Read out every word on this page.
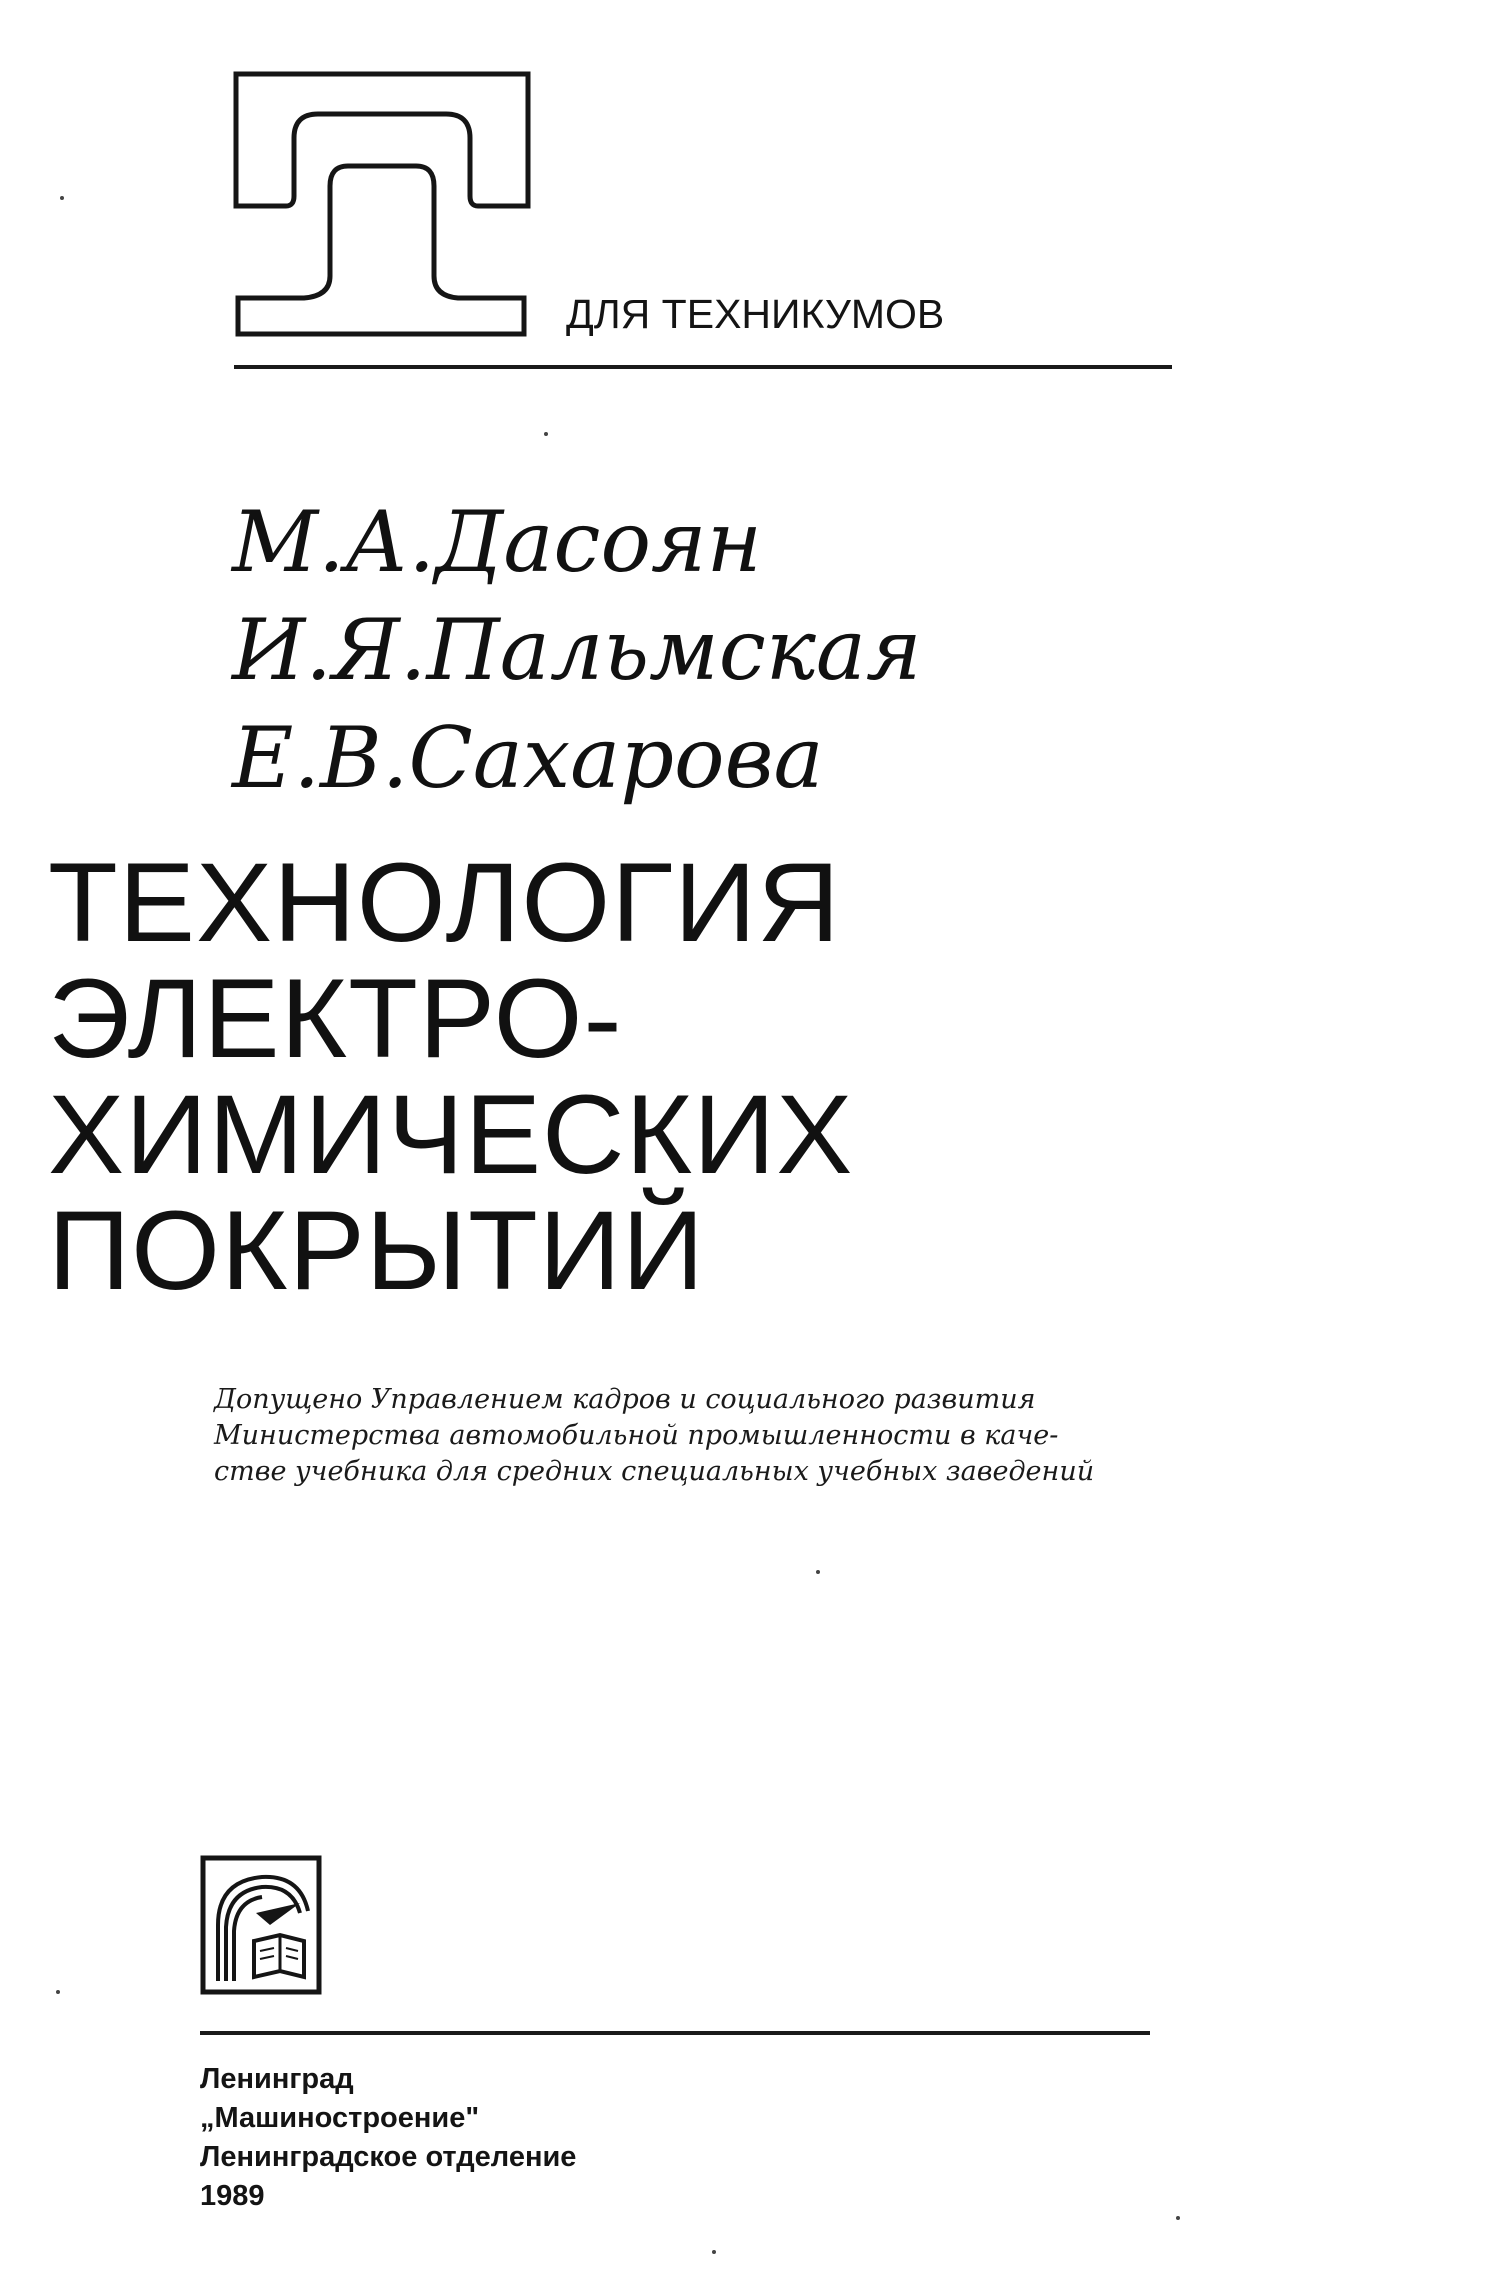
ДЛЯ ТЕХНИКУМОВ
М.А.Дасоян
И.Я.Пальмская
Е.В.Сахарова
ТЕХНОЛОГИЯ
ЭЛЕКТРО-
ХИМИЧЕСКИХ
ПОКРЫТИЙ
Допущено Управлением кадров и социального развития
Министерства автомобильной промышленности в каче-
стве учебника для средних специальных учебных заведений
Ленинград
„Машиностроение"
Ленинградское отделение
1989
